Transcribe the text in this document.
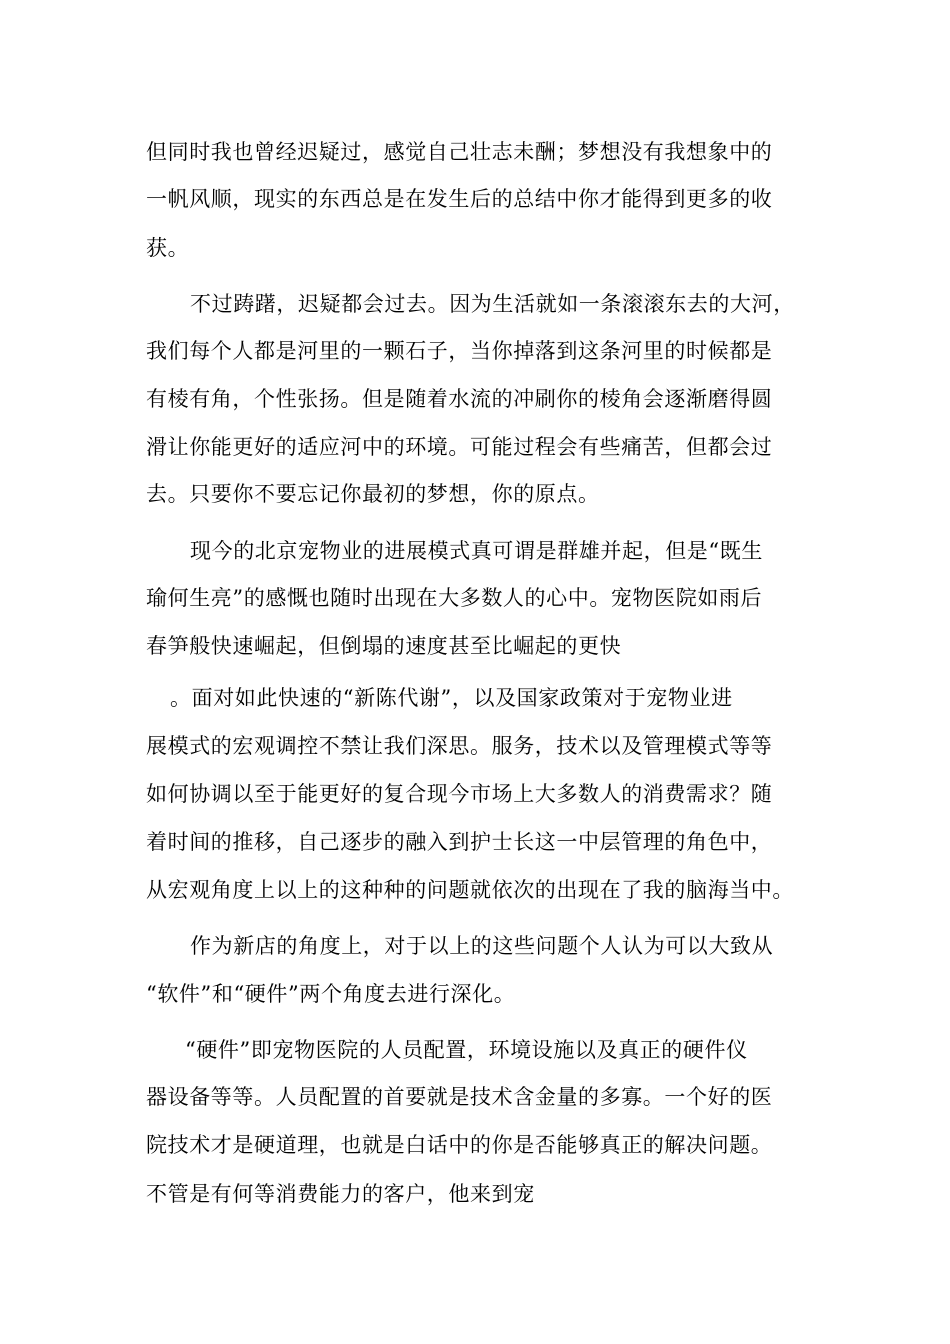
但同时我也曾经迟疑过，感觉自己壮志未酬；梦想没有我想象中的
一帆风顺，现实的东西总是在发生后的总结中你才能得到更多的收
获。
不过踌躇，迟疑都会过去。因为生活就如一条滚滚东去的大河，
我们每个人都是河里的一颗石子，当你掉落到这条河里的时候都是
有棱有角，个性张扬。但是随着水流的冲刷你的棱角会逐渐磨得圆
滑让你能更好的适应河中的环境。可能过程会有些痛苦，但都会过
去。只要你不要忘记你最初的梦想，你的原点。
现今的北京宠物业的进展模式真可谓是群雄并起，但是“既生
瑜何生亮”的感慨也随时出现在大多数人的心中。宠物医院如雨后
春笋般快速崛起，但倒塌的速度甚至比崛起的更快
。面对如此快速的“新陈代谢”，以及国家政策对于宠物业进
展模式的宏观调控不禁让我们深思。服务，技术以及管理模式等等
如何协调以至于能更好的复合现今市场上大多数人的消费需求？随
着时间的推移，自己逐步的融入到护士长这一中层管理的角色中，
从宏观角度上以上的这种种的问题就依次的出现在了我的脑海当中。
作为新店的角度上，对于以上的这些问题个人认为可以大致从
“软件”和“硬件”两个角度去进行深化。
“硬件”即宠物医院的人员配置，环境设施以及真正的硬件仪
器设备等等。人员配置的首要就是技术含金量的多寡。一个好的医
院技术才是硬道理，也就是白话中的你是否能够真正的解决问题。
不管是有何等消费能力的客户，他来到宠
